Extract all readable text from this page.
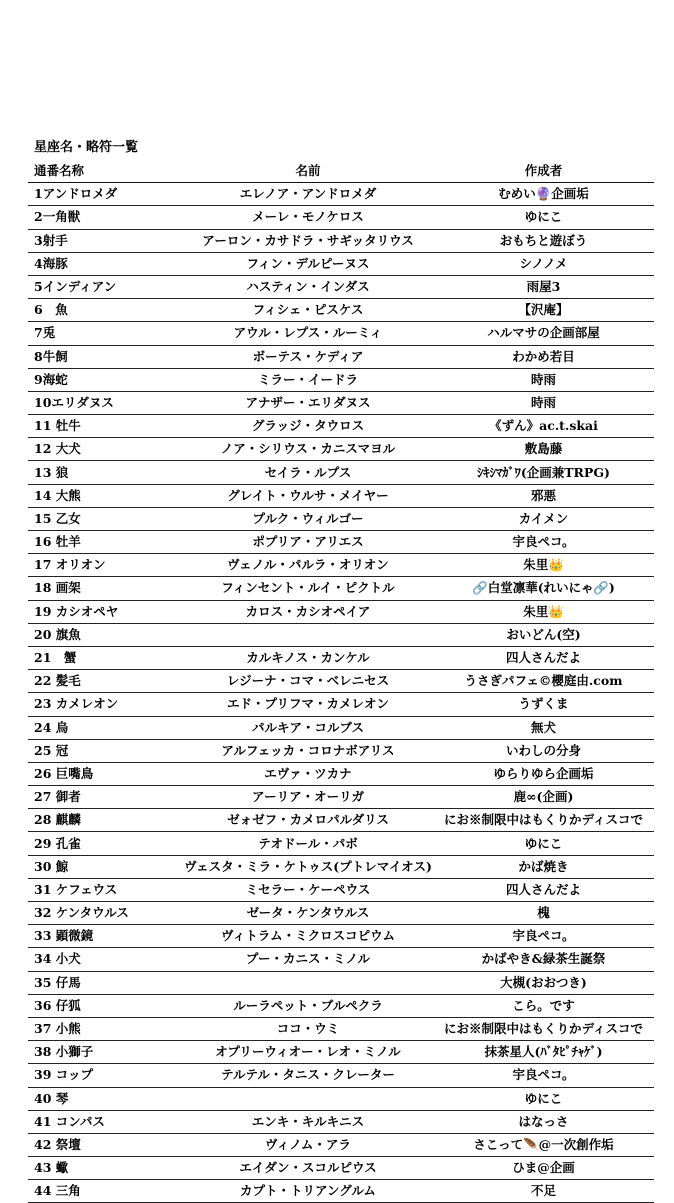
星座名・略符一覧
通番名称	名前	作成者
1アンドロメダ	エレノア・アンドロメダ	むめい🔮企画垢
2一角獣	メーレ・モノケロス	ゆにこ
3射手	アーロン・カサドラ・サギッタリウス	おもちと遊ぼう
4海豚	フィン・デルピーヌス	シノノメ
5インディアン	ハスティン・インダス	雨屋3
6　魚	フィシェ・ピスケス	【沢庵】
7兎	アウル・レプス・ルーミィ	ハルマサの企画部屋
8牛飼	ボーテス・ケディア	わかめ若目
9海蛇	ミラー・イードラ	時雨
10エリダヌス	アナザー・エリダヌス	時雨
11 牡牛	グラッジ・タウロス	《ずん》ac.t.skai
12 大犬	ノア・シリウス・カニスマヨル	敷島藤
13 狼	セイラ・ルプス	ｼｷｼﾏｶﾞﾜ(企画兼TRPG)
14 大熊	グレイト・ウルサ・メイヤー	邪悪
15 乙女	プルク・ウィルゴー	カイメン
16 牡羊	ポプリア・アリエス	宇良ペコ。
17 オリオン	ヴェノル・パルラ・オリオン	朱里👑
18 画架	フィンセント・ルイ・ピクトル	🔗白堂凛華(れいにゃ🔗)
19 カシオペヤ	カロス・カシオペイア	朱里👑
20 旗魚		おいどん(空)
21　蟹	カルキノス・カンケル	四人さんだよ
22 髪毛	レジーナ・コマ・ベレニセス	うさぎパフェ©櫻庭由.com
23 カメレオン	エド・プリフマ・カメレオン	うずくま
24 烏	パルキア・コルブス	無犬
25 冠	アルフェッカ・コロナボアリス	いわしの分身
26 巨嘴鳥	エヴァ・ツカナ	ゆらりゆら企画垢
27 御者	アーリア・オーリガ	鹿∞(企画)
28 麒麟	ゼォゼフ・カメロパルダリス	にお※制限中はもくりかディスコで
29 孔雀	テオドール・パボ	ゆにこ
30 鯨	ヴェスタ・ミラ・ケトゥス(プトレマイオス)	かば焼き
31 ケフェウス	ミセラー・ケーペウス	四人さんだよ
32 ケンタウルス	ゼータ・ケンタウルス	槐
33 顕微鏡	ヴィトラム・ミクロスコピウム	宇良ペコ。
34 小犬	プー・カニス・ミノル	かばやき&緑茶生誕祭
35 仔馬		大槻(おおつき)
36 仔狐	ルーラペット・ブルペクラ	こら。です
37 小熊	ココ・ウミ	にお※制限中はもくりかディスコで
38 小獅子	オプリーウィオー・レオ・ミノル	抹茶星人(ﾊﾞﾀﾋﾟﾁｬｹﾞ)
39 コップ	テルテル・タニス・クレーター	宇良ペコ。
40 琴		ゆにこ
41 コンパス	エンキ・キルキニス	はなっさ
42 祭壇	ヴィノム・アラ	さこって🪶@一次創作垢
43 蠍	エイダン・スコルピウス	ひま@企画
44 三角	カプト・トリアングルム	不足
